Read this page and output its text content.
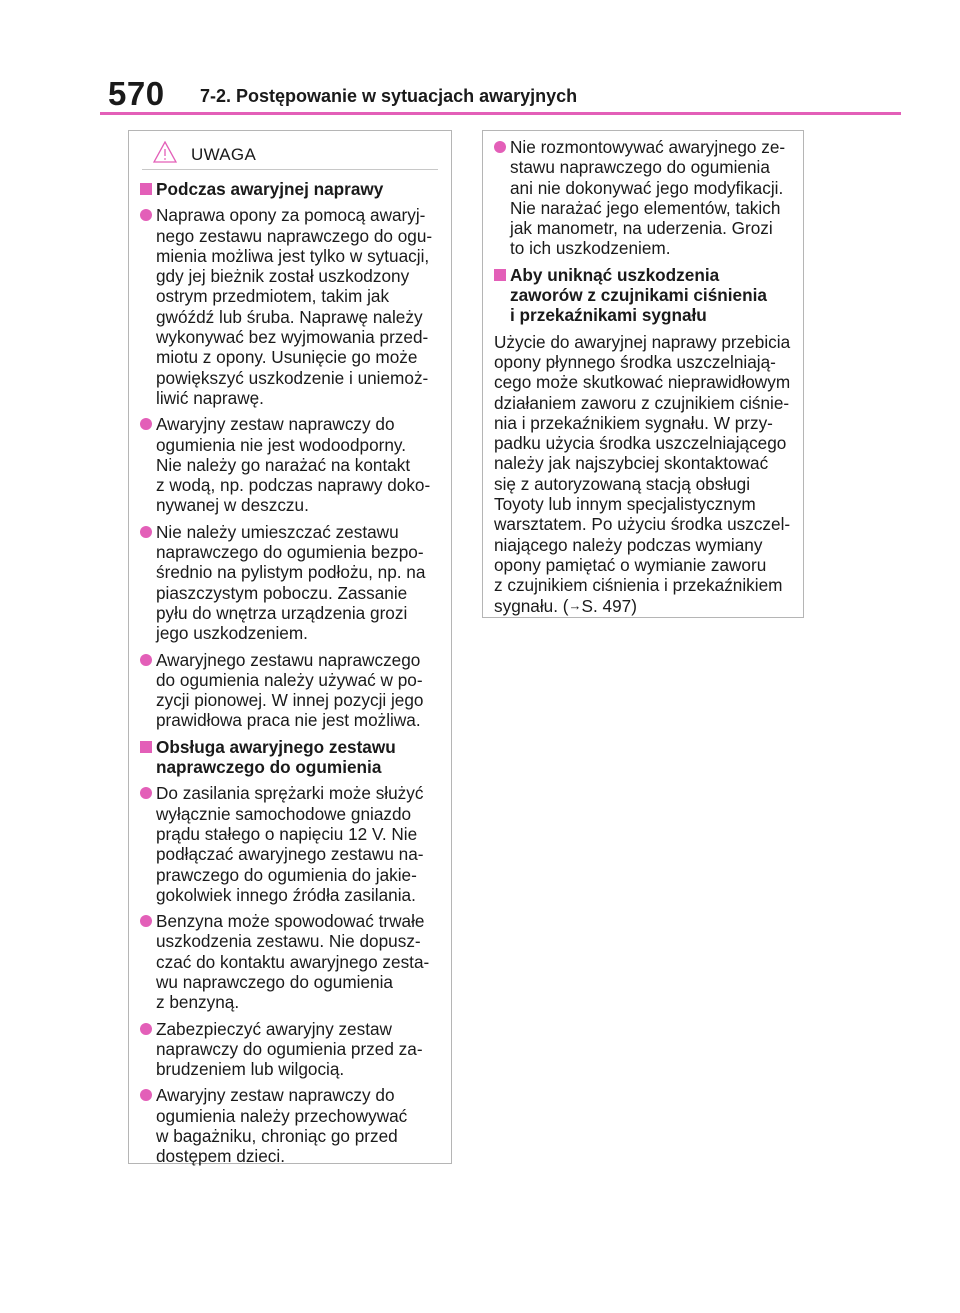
570 7-2. Postępowanie w sytuacjach awaryjnych
UWAGA
Podczas awaryjnej naprawy
Naprawa opony za pomocą awaryj-
nego zestawu naprawczego do ogu-
mienia możliwa jest tylko w sytuacji,
gdy jej bieżnik został uszkodzony
ostrym przedmiotem, takim jak
gwóźdź lub śruba. Naprawę należy
wykonywać bez wyjmowania przed-
miotu z opony. Usunięcie go może
powiększyć uszkodzenie i uniemoż-
liwić naprawę.
Awaryjny zestaw naprawczy do
ogumienia nie jest wodoodporny.
Nie należy go narażać na kontakt
z wodą, np. podczas naprawy doko-
nywanej w deszczu.
Nie należy umieszczać zestawu
naprawczego do ogumienia bezpo-
średnio na pylistym podłożu, np. na
piaszczystym poboczu. Zassanie
pyłu do wnętrza urządzenia grozi
jego uszkodzeniem.
Awaryjnego zestawu naprawczego
do ogumienia należy używać w po-
zycji pionowej. W innej pozycji jego
prawidłowa praca nie jest możliwa.
Obsługa awaryjnego zestawu
naprawczego do ogumienia
Do zasilania sprężarki może służyć
wyłącznie samochodowe gniazdo
prądu stałego o napięciu 12 V. Nie
podłączać awaryjnego zestawu na-
prawczego do ogumienia do jakie-
gokolwiek innego źródła zasilania.
Benzyna może spowodować trwałe
uszkodzenia zestawu. Nie dopusz-
czać do kontaktu awaryjnego zesta-
wu naprawczego do ogumienia
z benzyną.
Zabezpieczyć awaryjny zestaw
naprawczy do ogumienia przed za-
brudzeniem lub wilgocią.
Awaryjny zestaw naprawczy do
ogumienia należy przechowywać
w bagażniku, chroniąc go przed
dostępem dzieci.
Nie rozmontowywać awaryjnego ze-
stawu naprawczego do ogumienia
ani nie dokonywać jego modyfikacji.
Nie narażać jego elementów, takich
jak manometr, na uderzenia. Grozi
to ich uszkodzeniem.
Aby uniknąć uszkodzenia
zaworów z czujnikami ciśnienia
i przekaźnikami sygnału
Użycie do awaryjnej naprawy przebicia
opony płynnego środka uszczelniają-
cego może skutkować nieprawidłowym
działaniem zaworu z czujnikiem ciśnie-
nia i przekaźnikiem sygnału. W przy-
padku użycia środka uszczelniającego
należy jak najszybciej skontaktować
się z autoryzowaną stacją obsługi
Toyoty lub innym specjalistycznym
warsztatem. Po użyciu środka uszczel-
niającego należy podczas wymiany
opony pamiętać o wymianie zaworu
z czujnikiem ciśnienia i przekaźnikiem
sygnału. (→S. 497)
